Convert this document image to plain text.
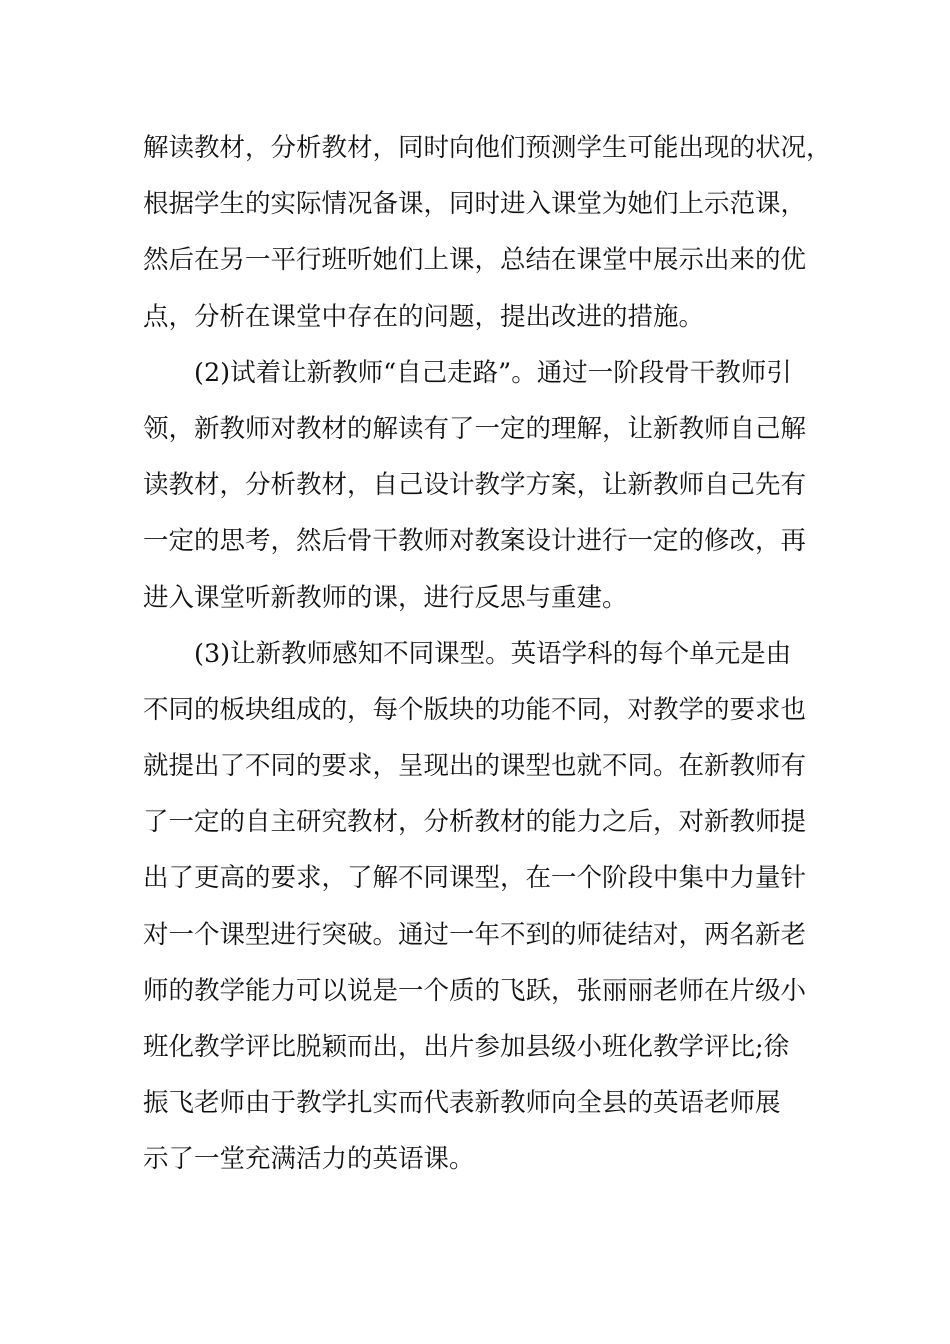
解读教材，分析教材，同时向他们预测学生可能出现的状况，
根据学生的实际情况备课，同时进入课堂为她们上示范课，
然后在另一平行班听她们上课，总结在课堂中展示出来的优
点，分析在课堂中存在的问题，提出改进的措施。
(2)试着让新教师“自己走路”。通过一阶段骨干教师引
领，新教师对教材的解读有了一定的理解，让新教师自己解
读教材，分析教材，自己设计教学方案，让新教师自己先有
一定的思考，然后骨干教师对教案设计进行一定的修改，再
进入课堂听新教师的课，进行反思与重建。
(3)让新教师感知不同课型。英语学科的每个单元是由
不同的板块组成的，每个版块的功能不同，对教学的要求也
就提出了不同的要求，呈现出的课型也就不同。在新教师有
了一定的自主研究教材，分析教材的能力之后，对新教师提
出了更高的要求，了解不同课型，在一个阶段中集中力量针
对一个课型进行突破。通过一年不到的师徒结对，两名新老
师的教学能力可以说是一个质的飞跃，张丽丽老师在片级小
班化教学评比脱颖而出，出片参加县级小班化教学评比;徐
振飞老师由于教学扎实而代表新教师向全县的英语老师展
示了一堂充满活力的英语课。
